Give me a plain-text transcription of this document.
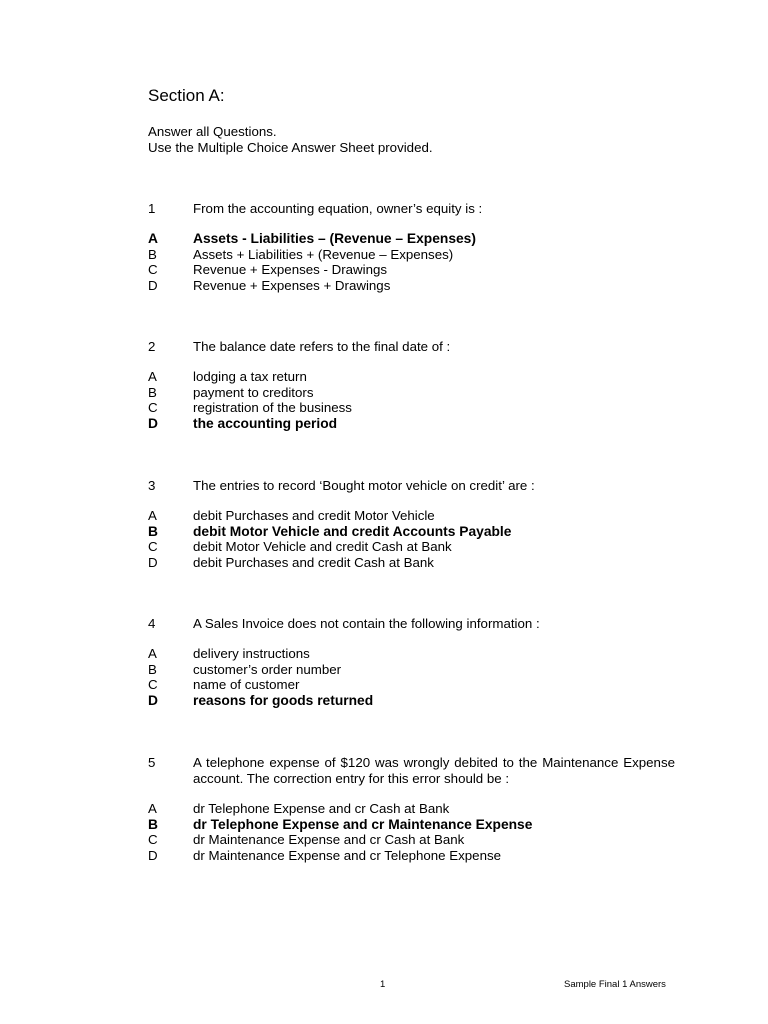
Section A:
Answer all Questions.
Use the Multiple Choice Answer Sheet provided.
1	From the accounting equation, owner’s equity is :
A	Assets - Liabilities – (Revenue – Expenses)
B	Assets + Liabilities + (Revenue – Expenses)
C	Revenue + Expenses - Drawings
D	Revenue + Expenses + Drawings
2	The balance date refers to the final date of :
A	lodging a tax return
B	payment to creditors
C	registration of the business
D	the accounting period
3	The entries to record ‘Bought motor vehicle on credit’ are :
A	debit Purchases and credit Motor Vehicle
B	debit Motor Vehicle and credit Accounts Payable
C	debit Motor Vehicle and credit Cash at Bank
D	debit Purchases and credit Cash at Bank
4	A Sales Invoice does not contain the following information :
A	delivery instructions
B	customer’s order number
C	name of customer
D	reasons for goods returned
5	A telephone expense of $120 was wrongly debited to the Maintenance Expense account. The correction entry for this error should be :
A	dr Telephone Expense and cr Cash at Bank
B	dr Telephone Expense and cr Maintenance Expense
C	dr Maintenance Expense and cr Cash at Bank
D	dr Maintenance Expense and cr Telephone Expense
1	Sample Final 1 Answers
